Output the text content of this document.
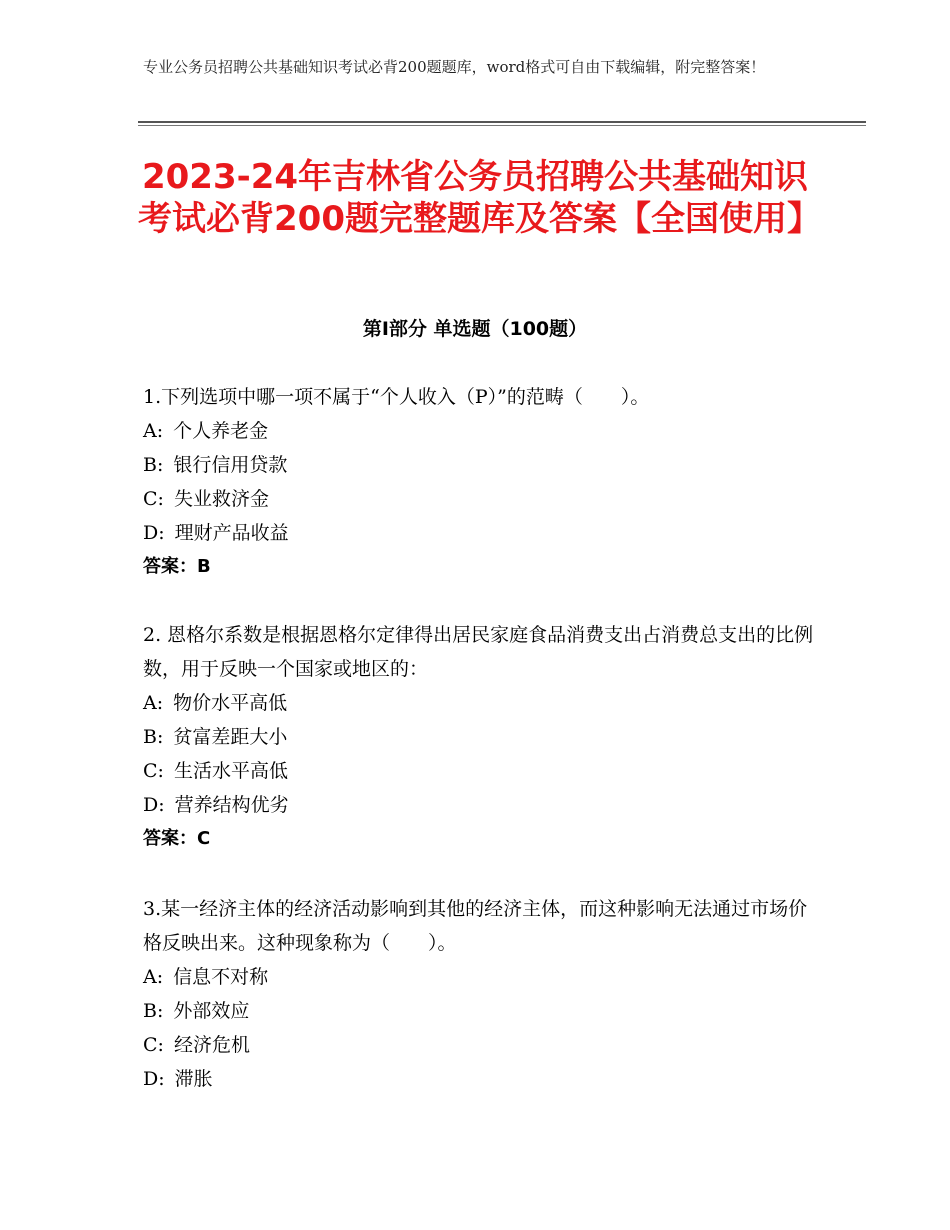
专业公务员招聘公共基础知识考试必背200题题库，word格式可自由下载编辑，附完整答案！
2023-24年吉林省公务员招聘公共基础知识考试必背200题完整题库及答案【全国使用】
第Ⅰ部分 单选题（100题）

1.下列选项中哪一项不属于“个人收入（P）”的范畴（　　）。

A: 个人养老金

B: 银行信用贷款

C: 失业救济金

D: 理财产品收益

答案：B

2. 恩格尔系数是根据恩格尔定律得出居民家庭食品消费支出占消费总支出的比例数，用于反映一个国家或地区的：

A: 物价水平高低

B: 贫富差距大小

C: 生活水平高低

D: 营养结构优劣

答案：C

3.某一经济主体的经济活动影响到其他的经济主体，而这种影响无法通过市场价格反映出来。这种现象称为（　　）。

A: 信息不对称

B: 外部效应

C: 经济危机

D: 滞胀
